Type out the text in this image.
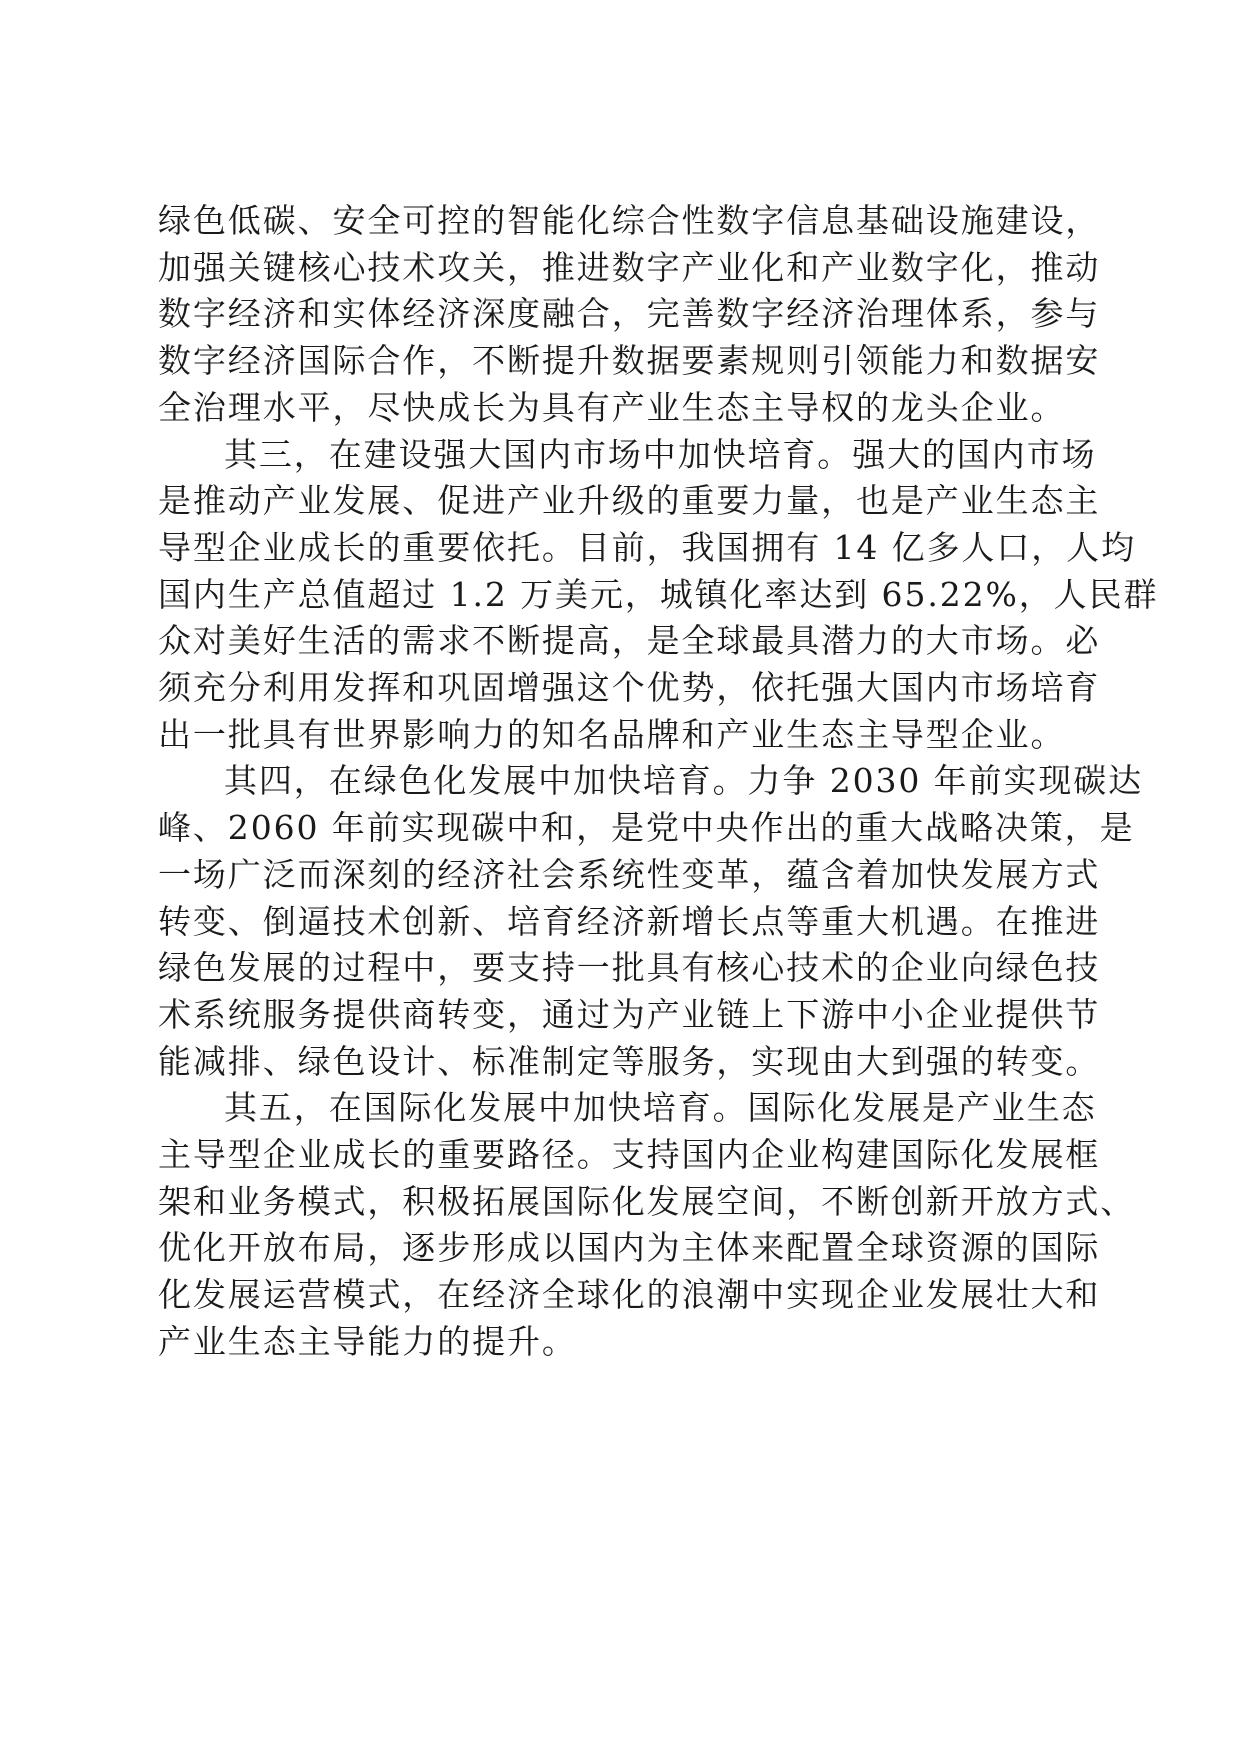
绿色低碳、安全可控的智能化综合性数字信息基础设施建设，
加强关键核心技术攻关，推进数字产业化和产业数字化，推动
数字经济和实体经济深度融合，完善数字经济治理体系，参与
数字经济国际合作，不断提升数据要素规则引领能力和数据安
全治理水平，尽快成长为具有产业生态主导权的龙头企业。
其三，在建设强大国内市场中加快培育。强大的国内市场
是推动产业发展、促进产业升级的重要力量，也是产业生态主
导型企业成长的重要依托。目前，我国拥有 14 亿多人口，人均
国内生产总值超过 1.2 万美元，城镇化率达到 65.22%，人民群
众对美好生活的需求不断提高，是全球最具潜力的大市场。必
须充分利用发挥和巩固增强这个优势，依托强大国内市场培育
出一批具有世界影响力的知名品牌和产业生态主导型企业。
其四，在绿色化发展中加快培育。力争 2030 年前实现碳达
峰、2060 年前实现碳中和，是党中央作出的重大战略决策，是
一场广泛而深刻的经济社会系统性变革，蕴含着加快发展方式
转变、倒逼技术创新、培育经济新增长点等重大机遇。在推进
绿色发展的过程中，要支持一批具有核心技术的企业向绿色技
术系统服务提供商转变，通过为产业链上下游中小企业提供节
能减排、绿色设计、标准制定等服务，实现由大到强的转变。
其五，在国际化发展中加快培育。国际化发展是产业生态
主导型企业成长的重要路径。支持国内企业构建国际化发展框
架和业务模式，积极拓展国际化发展空间，不断创新开放方式、
优化开放布局，逐步形成以国内为主体来配置全球资源的国际
化发展运营模式，在经济全球化的浪潮中实现企业发展壮大和
产业生态主导能力的提升。
